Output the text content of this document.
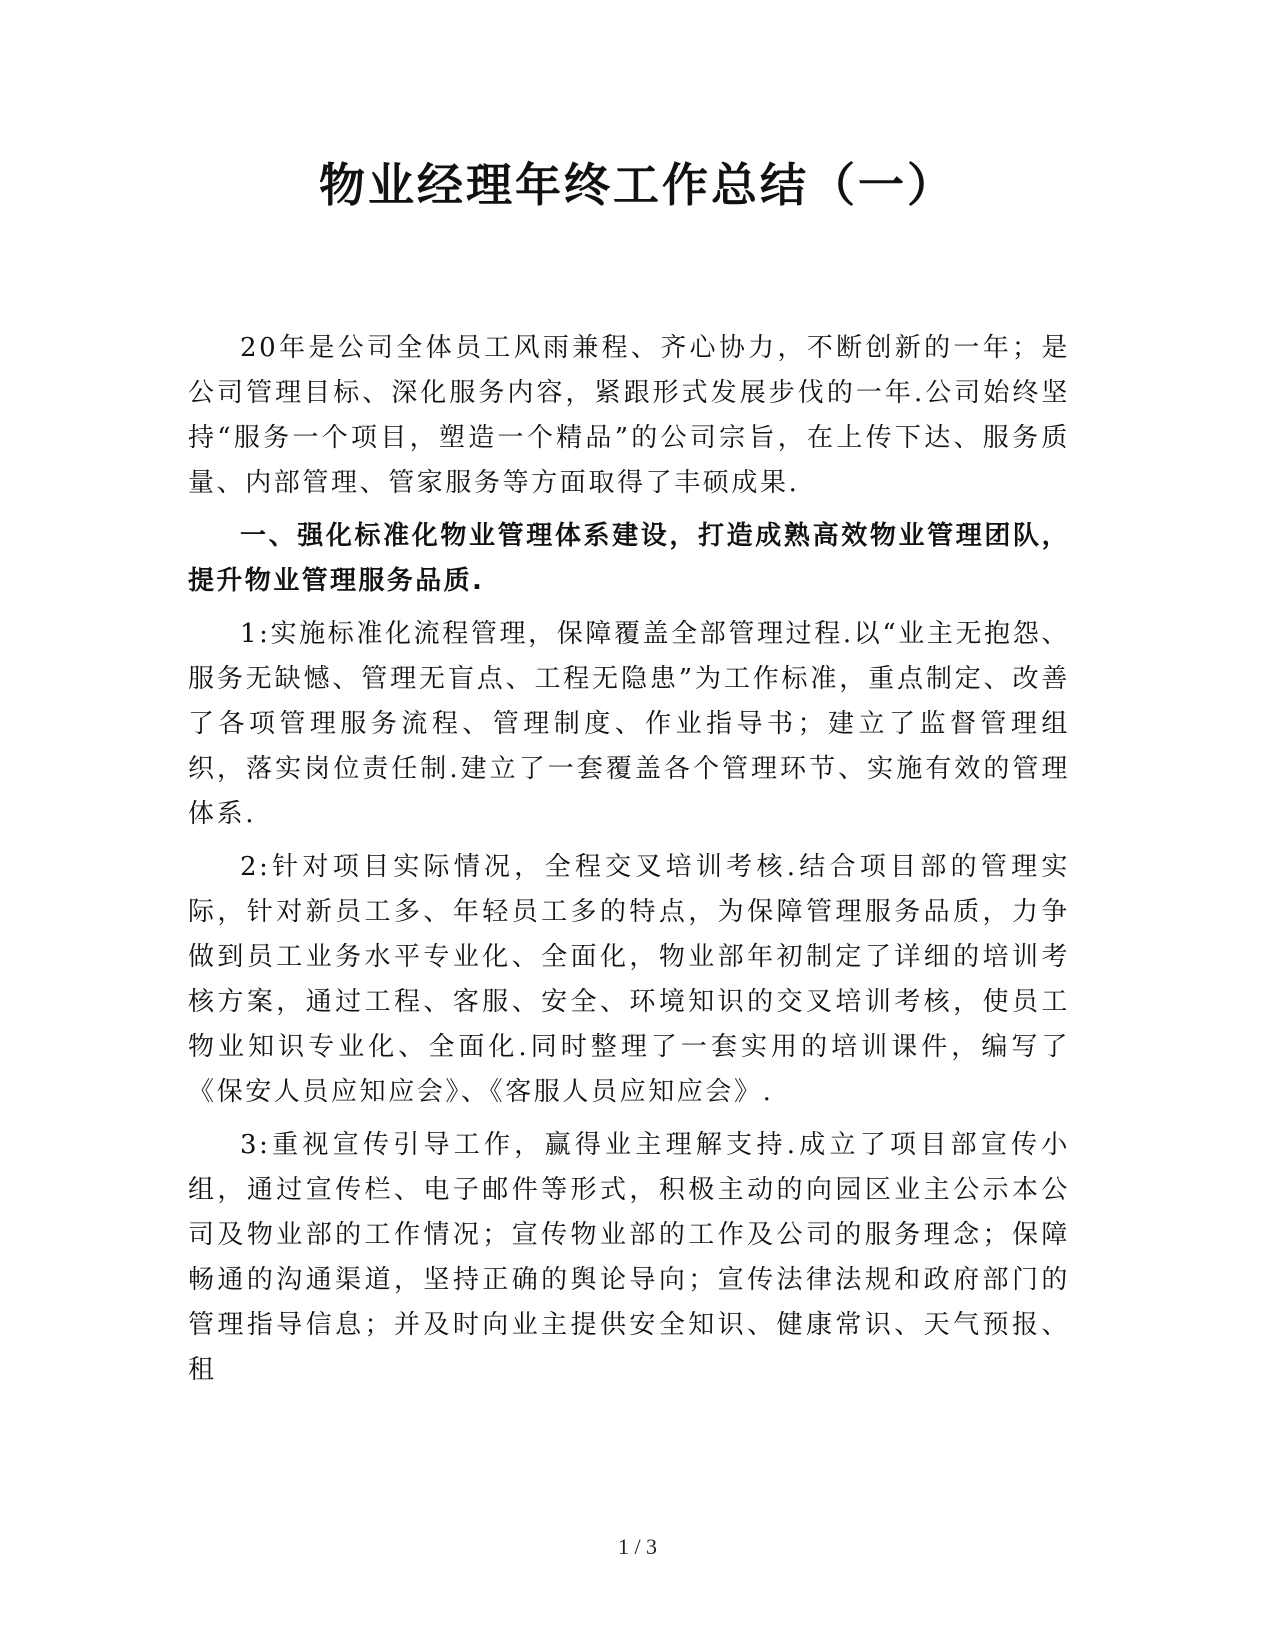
物业经理年终工作总结（一）

20年是公司全体员工风雨兼程、齐心协力，不断创新的一年；是公司管理目标、深化服务内容，紧跟形式发展步伐的一年.公司始终坚持“服务一个项目，塑造一个精品”的公司宗旨，在上传下达、服务质量、内部管理、管家服务等方面取得了丰硕成果.

一、强化标准化物业管理体系建设，打造成熟高效物业管理团队，提升物业管理服务品质.

1:实施标准化流程管理，保障覆盖全部管理过程.以“业主无抱怨、服务无缺憾、管理无盲点、工程无隐患”为工作标准，重点制定、改善了各项管理服务流程、管理制度、作业指导书；建立了监督管理组织，落实岗位责任制.建立了一套覆盖各个管理环节、实施有效的管理体系.

2:针对项目实际情况，全程交叉培训考核.结合项目部的管理实际，针对新员工多、年轻员工多的特点，为保障管理服务品质，力争做到员工业务水平专业化、全面化，物业部年初制定了详细的培训考核方案，通过工程、客服、安全、环境知识的交叉培训考核，使员工物业知识专业化、全面化.同时整理了一套实用的培训课件，编写了《保安人员应知应会》、《客服人员应知应会》.

3:重视宣传引导工作，赢得业主理解支持.成立了项目部宣传小组，通过宣传栏、电子邮件等形式，积极主动的向园区业主公示本公司及物业部的工作情况；宣传物业部的工作及公司的服务理念；保障畅通的沟通渠道，坚持正确的舆论导向；宣传法律法规和政府部门的管理指导信息；并及时向业主提供安全知识、健康常识、天气预报、租

1 / 3
